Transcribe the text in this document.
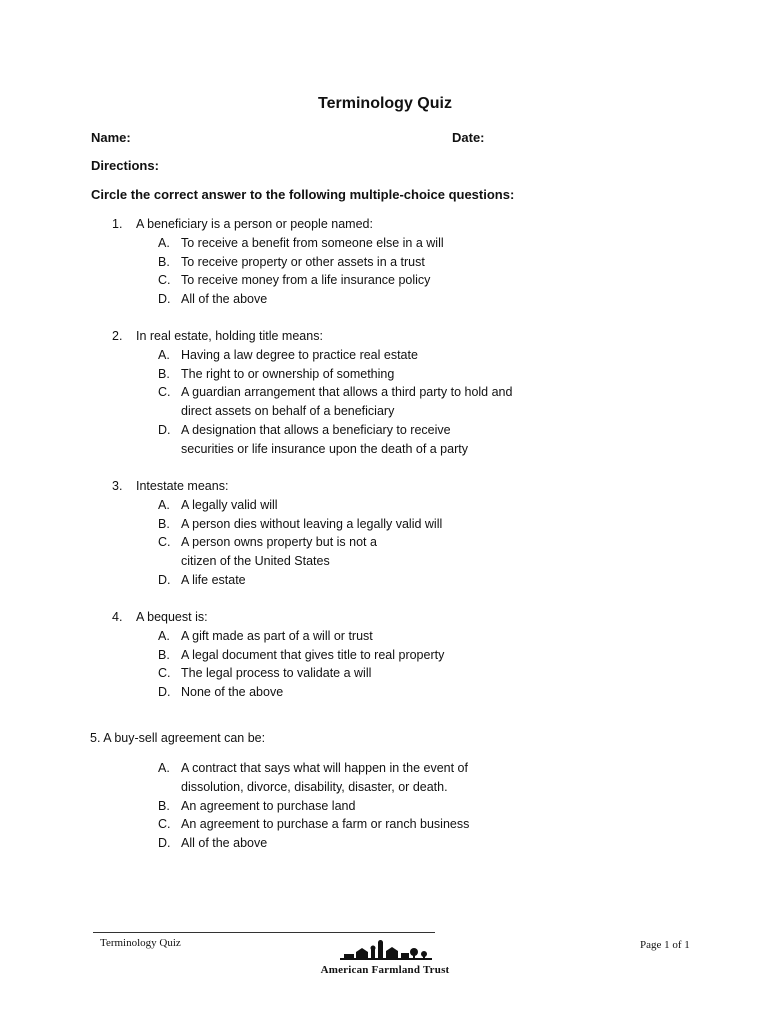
Terminology Quiz
Name:	Date:
Directions:
Circle the correct answer to the following multiple-choice questions:
1. A beneficiary is a person or people named:
A. To receive a benefit from someone else in a will
B. To receive property or other assets in a trust
C. To receive money from a life insurance policy
D. All of the above
2. In real estate, holding title means:
A. Having a law degree to practice real estate
B. The right to or ownership of something
C. A guardian arrangement that allows a third party to hold and
direct assets on behalf of a beneficiary
D. A designation that allows a beneficiary to receive
securities or life insurance upon the death of a party
3. Intestate means:
A. A legally valid will
B. A person dies without leaving a legally valid will
C. A person owns property but is not a
citizen of the United States
D. A life estate
4. A bequest is:
A. A gift made as part of a will or trust
B. A legal document that gives title to real property
C. The legal process to validate a will
D. None of the above
5. A buy-sell agreement can be:
A. A contract that says what will happen in the event of
dissolution, divorce, disability, disaster, or death.
B. An agreement to purchase land
C. An agreement to purchase a farm or ranch business
D. All of the above
Terminology Quiz
American Farmland Trust
Page 1 of 1
